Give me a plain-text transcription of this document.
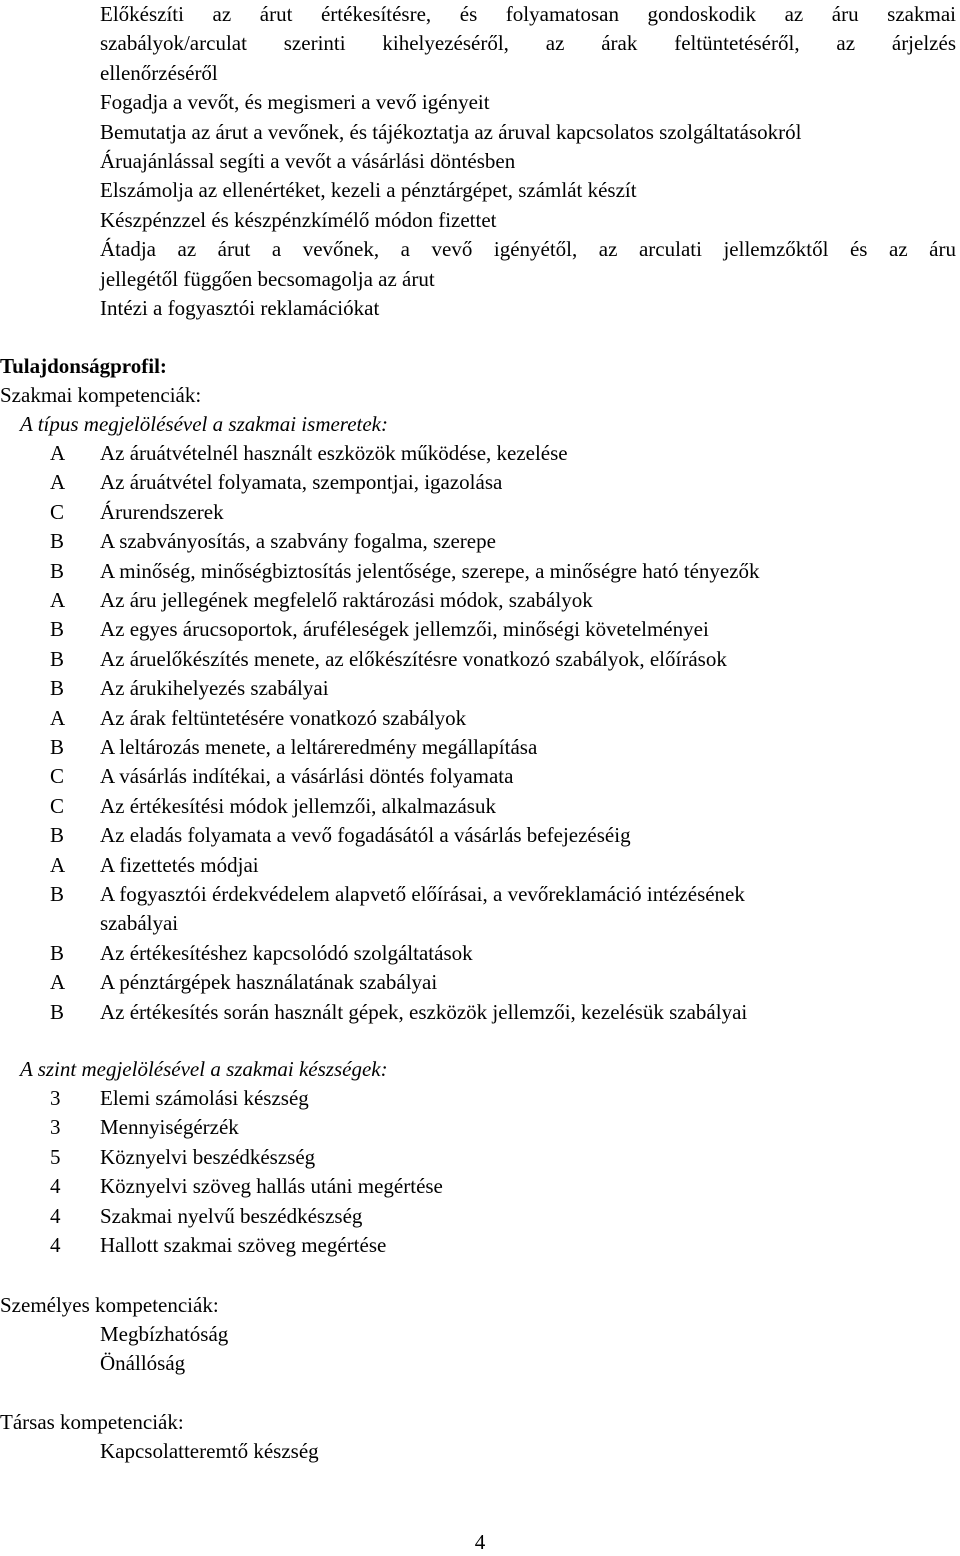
Előkészíti az árut értékesítésre, és folyamatosan gondoskodik az áru szakmai
szabályok/arculat szerinti kihelyezéséről, az árak feltüntetéséről, az árjelzés
ellenőrzéséről
Fogadja a vevőt, és megismeri a vevő igényeit
Bemutatja az árut a vevőnek, és tájékoztatja az áruval kapcsolatos szolgáltatásokról
Áruajánlással segíti a vevőt a vásárlási döntésben
Elszámolja az ellenértéket, kezeli a pénztárgépet, számlát készít
Készpénzzel és készpénzkímélő módon fizettet
Átadja az árut a vevőnek, a vevő igényétől, az arculati jellemzőktől és az áru
jellegétől függően becsomagolja az árut
Intézi a fogyasztói reklamációkat
Tulajdonságprofil:
Szakmai kompetenciák:
A típus megjelölésével a szakmai ismeretek:
A	Az áruátvételnél használt eszközök működése, kezelése
A	Az áruátvétel folyamata, szempontjai, igazolása
C	Árurendszerek
B	A szabványosítás, a szabvány fogalma, szerepe
B	A minőség, minőségbiztosítás jelentősége, szerepe, a minőségre ható tényezők
A	Az áru jellegének megfelelő raktározási módok, szabályok
B	Az egyes árucsoportok, áruféleségek jellemzői, minőségi követelményei
B	Az áruelőkészítés menete, az előkészítésre vonatkozó szabályok, előírások
B	Az árukihelyezés szabályai
A	Az árak feltüntetésére vonatkozó szabályok
B	A leltározás menete, a leltáreredmény megállapítása
C	A vásárlás indítékai, a vásárlási döntés folyamata
C	Az értékesítési módok jellemzői, alkalmazásuk
B	Az eladás folyamata a vevő fogadásától a vásárlás befejezéséig
A	A fizettetés módjai
B	A fogyasztói érdekvédelem alapvető előírásai, a vevőreklamáció intézésének
szabályai
B	Az értékesítéshez kapcsolódó szolgáltatások
A	A pénztárgépek használatának szabályai
B	Az értékesítés során használt gépek, eszközök jellemzői, kezelésük szabályai
A szint megjelölésével a szakmai készségek:
3	Elemi számolási készség
3	Mennyiségérzék
5	Köznyelvi beszédkészség
4	Köznyelvi szöveg hallás utáni megértése
4	Szakmai nyelvű beszédkészség
4	Hallott szakmai szöveg megértése
Személyes kompetenciák:
Megbízhatóság
Önállóság
Társas kompetenciák:
Kapcsolatteremtő készség
4
